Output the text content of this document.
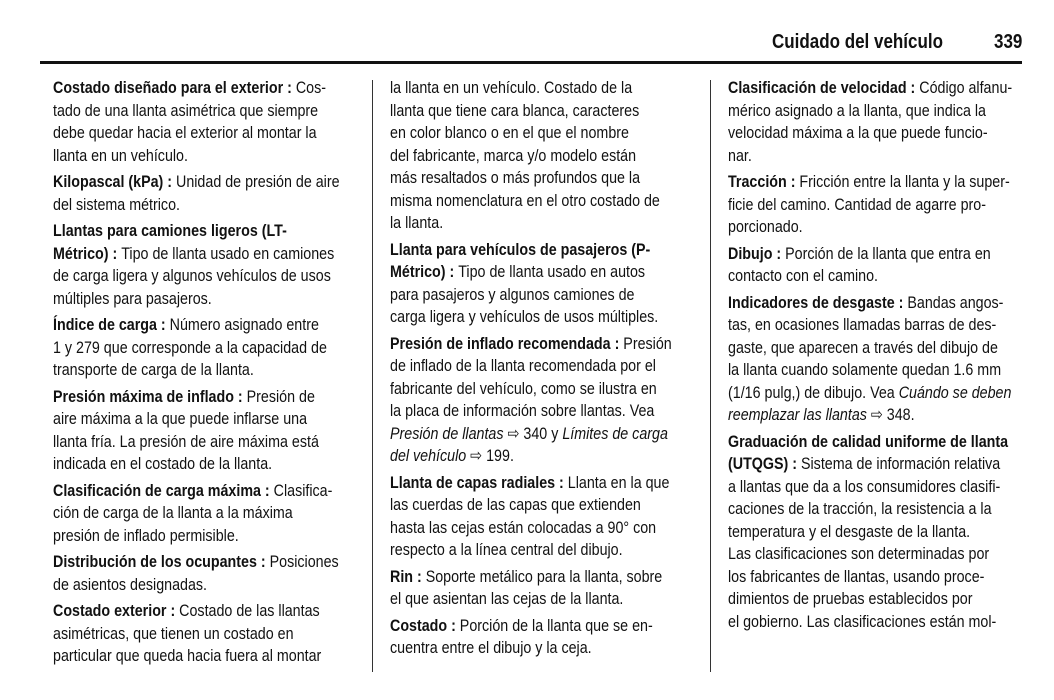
Cuidado del vehículo	339
Costado diseñado para el exterior : Cos-
tado de una llanta asimétrica que siempre
debe quedar hacia el exterior al montar la
llanta en un vehículo.
Kilopascal (kPa) : Unidad de presión de aire
del sistema métrico.
Llantas para camiones ligeros (LT-
Métrico) : Tipo de llanta usado en camiones
de carga ligera y algunos vehículos de usos
múltiples para pasajeros.
Índice de carga : Número asignado entre
1 y 279 que corresponde a la capacidad de
transporte de carga de la llanta.
Presión máxima de inflado : Presión de
aire máxima a la que puede inflarse una
llanta fría. La presión de aire máxima está
indicada en el costado de la llanta.
Clasificación de carga máxima : Clasifica-
ción de carga de la llanta a la máxima
presión de inflado permisible.
Distribución de los ocupantes : Posiciones
de asientos designadas.
Costado exterior : Costado de las llantas
asimétricas, que tienen un costado en
particular que queda hacia fuera al montar
la llanta en un vehículo. Costado de la
llanta que tiene cara blanca, caracteres
en color blanco o en el que el nombre
del fabricante, marca y/o modelo están
más resaltados o más profundos que la
misma nomenclatura en el otro costado de
la llanta.
Llanta para vehículos de pasajeros (P-
Métrico) : Tipo de llanta usado en autos
para pasajeros y algunos camiones de
carga ligera y vehículos de usos múltiples.
Presión de inflado recomendada : Presión
de inflado de la llanta recomendada por el
fabricante del vehículo, como se ilustra en
la placa de información sobre llantas. Vea
Presión de llantas ⇨ 340 y Límites de carga
del vehículo ⇨ 199.
Llanta de capas radiales : Llanta en la que
las cuerdas de las capas que extienden
hasta las cejas están colocadas a 90° con
respecto a la línea central del dibujo.
Rin : Soporte metálico para la llanta, sobre
el que asientan las cejas de la llanta.
Costado : Porción de la llanta que se en-
cuentra entre el dibujo y la ceja.
Clasificación de velocidad : Código alfanu-
mérico asignado a la llanta, que indica la
velocidad máxima a la que puede funcio-
nar.
Tracción : Fricción entre la llanta y la super-
ficie del camino. Cantidad de agarre pro-
porcionado.
Dibujo : Porción de la llanta que entra en
contacto con el camino.
Indicadores de desgaste : Bandas angos-
tas, en ocasiones llamadas barras de des-
gaste, que aparecen a través del dibujo de
la llanta cuando solamente quedan 1.6 mm
(1/16 pulg,) de dibujo. Vea Cuándo se deben
reemplazar las llantas ⇨ 348.
Graduación de calidad uniforme de llanta
(UTQGS) : Sistema de información relativa
a llantas que da a los consumidores clasifi-
caciones de la tracción, la resistencia a la
temperatura y el desgaste de la llanta.
Las clasificaciones son determinadas por
los fabricantes de llantas, usando proce-
dimientos de pruebas establecidos por
el gobierno. Las clasificaciones están mol-
